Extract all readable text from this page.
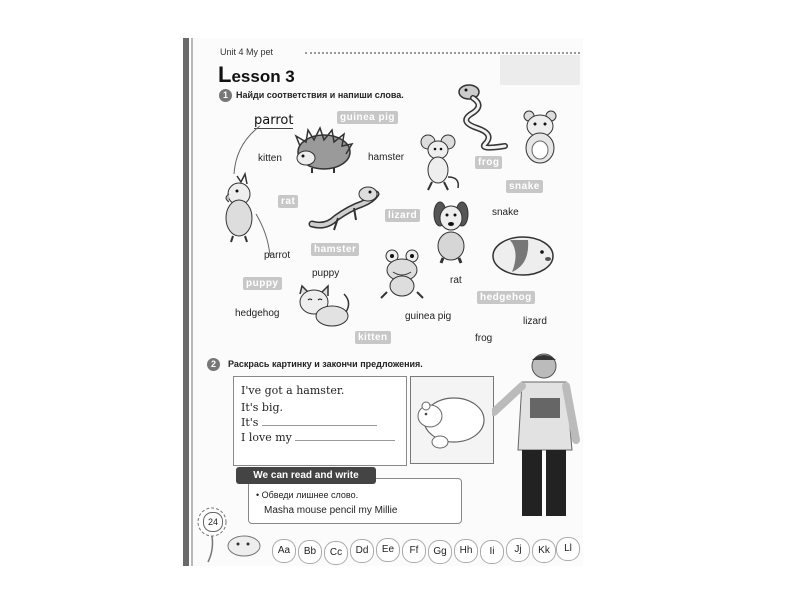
Unit 4 My pet
Lesson 3
1 Найди соответствия и напиши слова.
parrot
kitten	hamster
snake
parrot
puppy
rat
hedgehog	guinea pig	lizard
frog
guinea pig
frog
snake
rat
lizard
hamster
puppy
hedgehog
kitten
2	Раскрась картинку и закончи предложения.
I've got a hamster.
It's big.
It's
I love my
We can read and write
• Обведи лишнее слово.
Masha mouse pencil my Millie
24
Aa	Bb	Cc	Dd	Ee	Ff	Gg	Hh	Ii	Jj	Kk	Ll
